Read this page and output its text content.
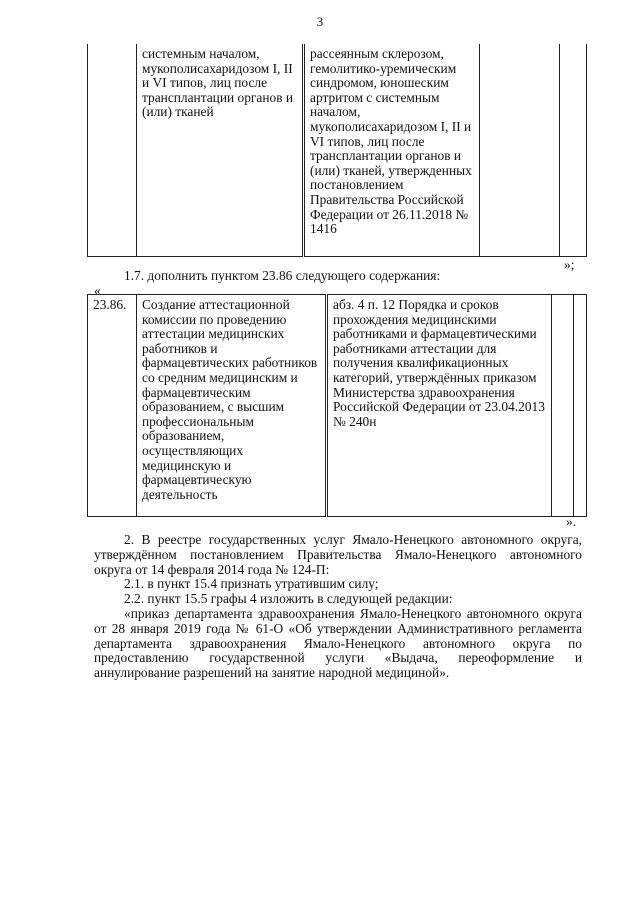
3
	системным началом, мукополисахаридозом I, II и VI типов, лиц после трансплантации органов и (или) тканей	рассеянным склерозом, гемолитико-уремическим синдромом, юношеским артритом с системным началом, мукополисахаридозом I, II и VI типов, лиц после трансплантации органов и (или) тканей, утвержденных постановлением Правительства Российской Федерации от 26.11.2018 № 1416		
»;
1.7. дополнить пунктом 23.86 следующего содержания:
«
23.86.	Создание аттестационной комиссии по проведению аттестации медицинских работников и фармацевтических работников со средним медицинским и фармацевтическим образованием, с высшим профессиональным образованием, осуществляющих медицинскую и фармацевтическую деятельность	абз. 4 п. 12 Порядка и сроков прохождения медицинскими работниками и фармацевтическими работниками аттестации для получения квалификационных категорий, утверждённых приказом Министерства здравоохранения Российской Федерации от 23.04.2013 № 240н		
».
2. В реестре государственных услуг Ямало-Ненецкого автономного округа, утверждённом постановлением Правительства Ямало-Ненецкого автономного округа от 14 февраля 2014 года № 124-П:
2.1. в пункт 15.4 признать утратившим силу;
2.2. пункт 15.5 графы 4 изложить в следующей редакции:
«приказ департамента здравоохранения Ямало-Ненецкого автономного округа от 28 января 2019 года № 61-О «Об утверждении Административного регламента департамента здравоохранения Ямало-Ненецкого автономного округа по предоставлению государственной услуги «Выдача, переоформление и аннулирование разрешений на занятие народной медициной».
